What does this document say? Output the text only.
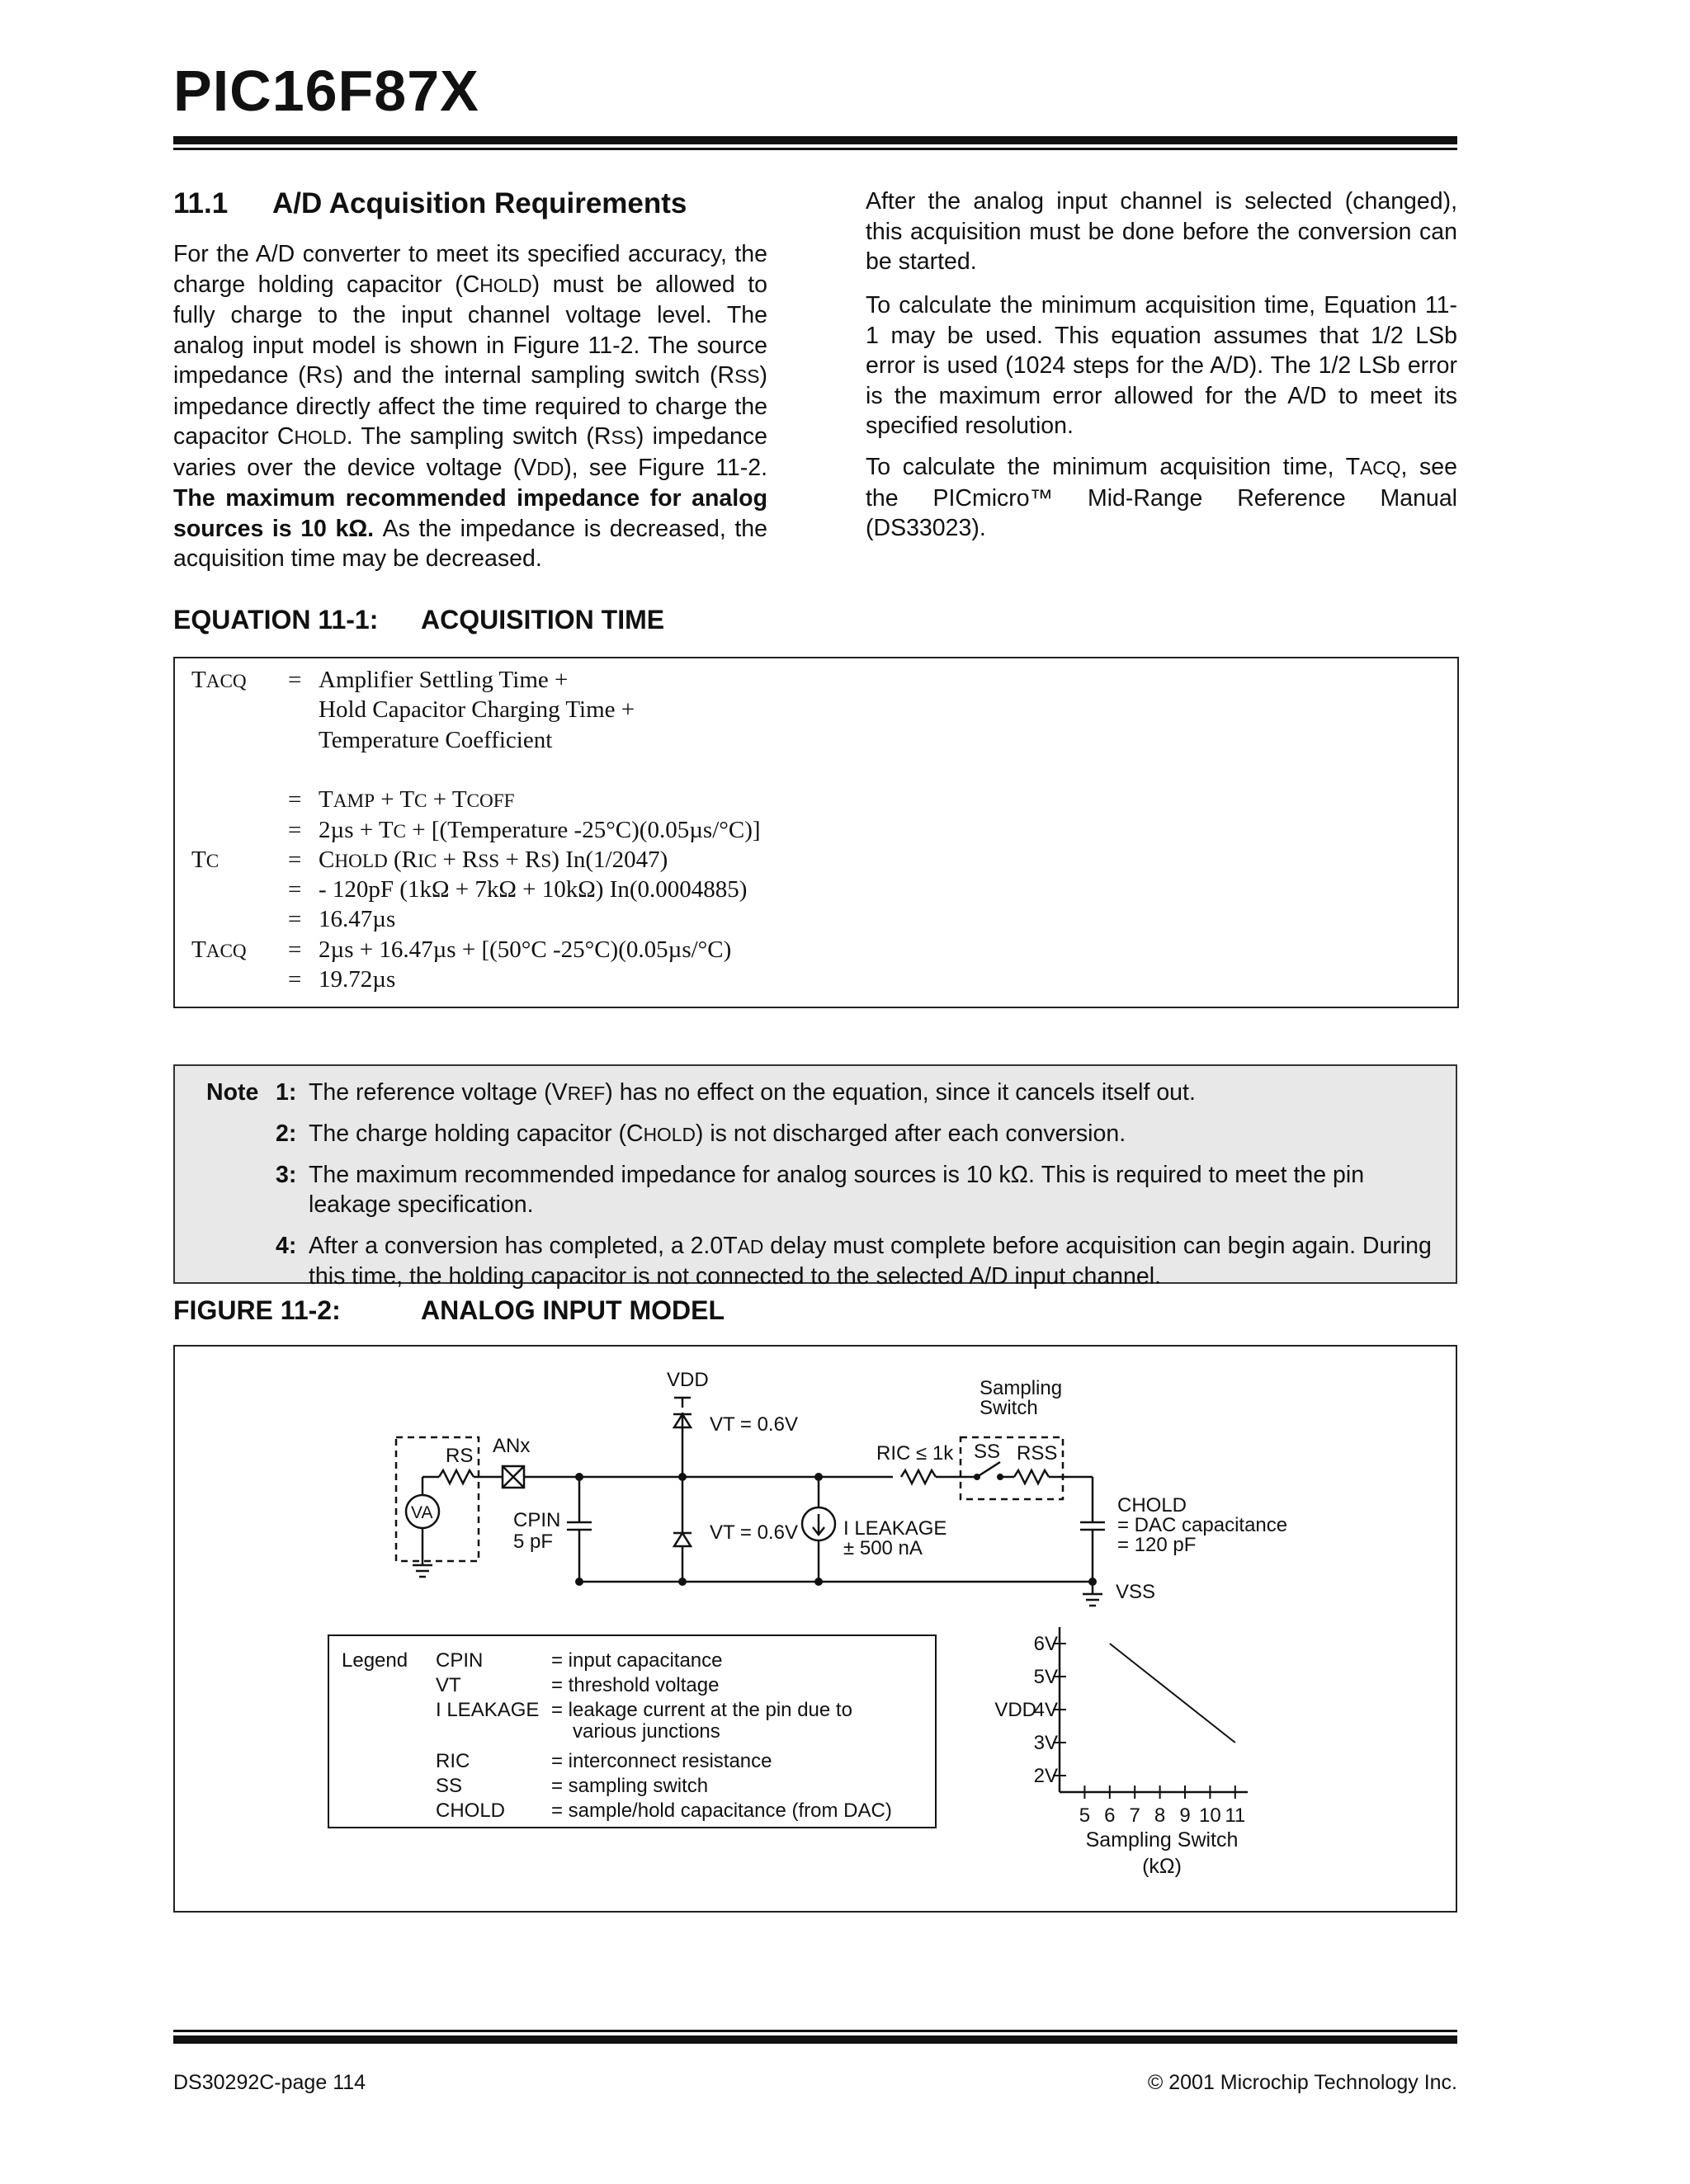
PIC16F87X
11.1 A/D Acquisition Requirements
For the A/D converter to meet its specified accuracy, the charge holding capacitor (CHOLD) must be allowed to fully charge to the input channel voltage level. The analog input model is shown in Figure 11-2. The source impedance (RS) and the internal sampling switch (RSS) impedance directly affect the time required to charge the capacitor CHOLD. The sampling switch (RSS) impedance varies over the device voltage (VDD), see Figure 11-2. The maximum recommended impedance for analog sources is 10 kΩ. As the impedance is decreased, the acquisition time may be decreased.
After the analog input channel is selected (changed), this acquisition must be done before the conversion can be started.
To calculate the minimum acquisition time, Equation 11-1 may be used. This equation assumes that 1/2 LSb error is used (1024 steps for the A/D). The 1/2 LSb error is the maximum error allowed for the A/D to meet its specified resolution.
To calculate the minimum acquisition time, TACQ, see the PICmicro™ Mid-Range Reference Manual (DS33023).
EQUATION 11-1: ACQUISITION TIME
TACQ = Amplifier Settling Time +
Hold Capacitor Charging Time +
Temperature Coefficient
= TAMP + TC + TCOFF
= 2µs + TC + [(Temperature -25°C)(0.05µs/°C)]
TC	= CHOLD (RIC + RSS + RS) In(1/2047)
= - 120pF (1kΩ + 7kΩ + 10kΩ) In(0.0004885)
= 16.47µs
TACQ = 2µs + 16.47µs + [(50°C -25°C)(0.05µs/°C)
= 19.72µs
Note 1: The reference voltage (VREF) has no effect on the equation, since it cancels itself out.
2: The charge holding capacitor (CHOLD) is not discharged after each conversion.
3: The maximum recommended impedance for analog sources is 10 kΩ. This is required to meet the pin leakage specification.
4: After a conversion has completed, a 2.0TAD delay must complete before acquisition can begin again. During this time, the holding capacitor is not connected to the selected A/D input channel.
FIGURE 11-2:	ANALOG INPUT MODEL
VDD
VT = 0.6V
VT = 0.6V
RS ANx
VA	CPIN
5 pF
I LEAKAGE
± 500 nA
RIC ≤ 1k
Sampling
Switch
SS RSS
CHOLD
= DAC capacitance
= 120 pF
VSS
Legend CPIN	= input capacitance
VT	= threshold voltage
I LEAKAGE = leakage current at the pin due to
various junctions
RIC	= interconnect resistance
SS	= sampling switch
CHOLD = sample/hold capacitance (from DAC)
6V
5V
4V
3V
2V
5 6 7 8 9 10 11
VDD
Sampling Switch
(kΩ)
DS30292C-page 114	© 2001 Microchip Technology Inc.
